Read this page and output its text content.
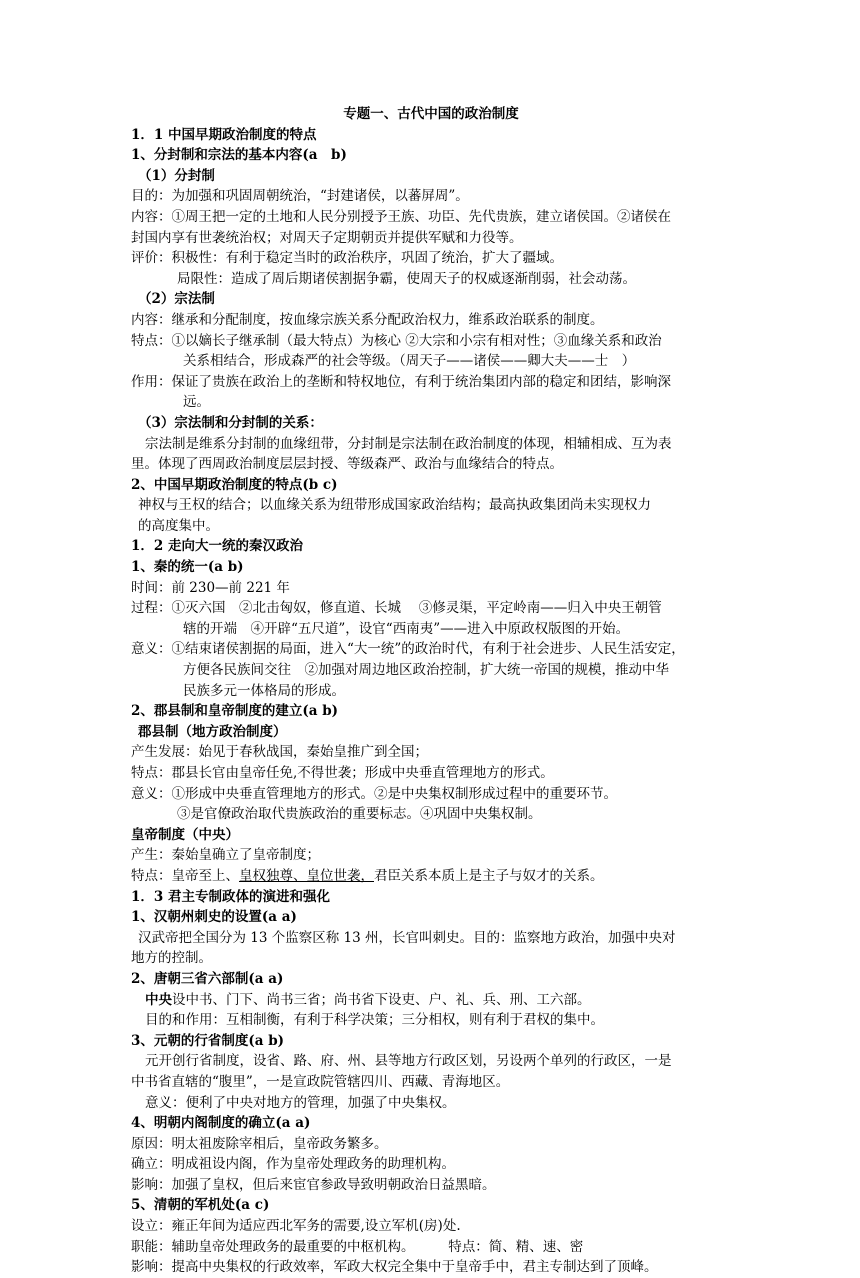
专题一、古代中国的政治制度
1．1 中国早期政治制度的特点
1、分封制和宗法的基本内容(a　b)
（1）分封制
目的：为加强和巩固周朝统治，“封建诸侯，以蕃屏周”。
内容：①周王把一定的土地和人民分别授予王族、功臣、先代贵族，建立诸侯国。②诸侯在
封国内享有世袭统治权；对周天子定期朝贡并提供军赋和力役等。
评价：积极性：有利于稳定当时的政治秩序，巩固了统治，扩大了疆域。
局限性：造成了周后期诸侯割据争霸，使周天子的权威逐渐削弱，社会动荡。
（2）宗法制
内容：继承和分配制度，按血缘宗族关系分配政治权力，维系政治联系的制度。
特点：①以嫡长子继承制（最大特点）为核心 ②大宗和小宗有相对性；③血缘关系和政治
关系相结合，形成森严的社会等级。（周天子——诸侯——卿大夫——士　）
作用：保证了贵族在政治上的垄断和特权地位，有利于统治集团内部的稳定和团结，影响深
远。
（3）宗法制和分封制的关系：
宗法制是维系分封制的血缘纽带，分封制是宗法制在政治制度的体现，相辅相成、互为表
里。体现了西周政治制度层层封授、等级森严、政治与血缘结合的特点。
2、中国早期政治制度的特点(b c)
神权与王权的结合；以血缘关系为纽带形成国家政治结构；最高执政集团尚未实现权力
的高度集中。
1．2 走向大一统的秦汉政治
1、秦的统一(a b)
时间：前 230—前 221 年
过程：①灭六国　②北击匈奴，修直道、长城　 ③修灵渠，平定岭南——归入中央王朝管
辖的开端　④开辟“五尺道”，设官“西南夷”——进入中原政权版图的开始。
意义：①结束诸侯割据的局面，进入“大一统”的政治时代，有利于社会进步、人民生活安定，
方便各民族间交往　②加强对周边地区政治控制，扩大统一帝国的规模，推动中华
民族多元一体格局的形成。
2、郡县制和皇帝制度的建立(a b)
郡县制（地方政治制度）
产生发展：始见于春秋战国，秦始皇推广到全国；
特点：郡县长官由皇帝任免,不得世袭；形成中央垂直管理地方的形式。
意义：①形成中央垂直管理地方的形式。②是中央集权制形成过程中的重要环节。
③是官僚政治取代贵族政治的重要标志。④巩固中央集权制。
皇帝制度（中央）
产生：秦始皇确立了皇帝制度；
特点：皇帝至上、皇权独尊、皇位世袭，君臣关系本质上是主子与奴才的关系。
1．3 君主专制政体的演进和强化
1、汉朝州刺史的设置(a a)
汉武帝把全国分为 13 个监察区称 13 州，长官叫刺史。目的：监察地方政治，加强中央对
地方的控制。
2、唐朝三省六部制(a a)
中央设中书、门下、尚书三省；尚书省下设吏、户、礼、兵、刑、工六部。
目的和作用：互相制衡，有利于科学决策；三分相权，则有利于君权的集中。
3、元朝的行省制度(a b)
元开创行省制度，设省、路、府、州、县等地方行政区划，另设两个单列的行政区，一是
中书省直辖的“腹里”，一是宣政院管辖四川、西藏、青海地区。
意义：便利了中央对地方的管理，加强了中央集权。
4、明朝内阁制度的确立(a a)
原因：明太祖废除宰相后，皇帝政务繁多。
确立：明成祖设内阁，作为皇帝处理政务的助理机构。
影响：加强了皇权，但后来宦官参政导致明朝政治日益黑暗。
5、清朝的军机处(a c)
设立：雍正年间为适应西北军务的需要,设立军机(房)处.
职能：辅助皇帝处理政务的最重要的中枢机构。　　　特点：简、精、速、密
影响：提高中央集权的行政效率，军政大权完全集中于皇帝手中，君主专制达到了顶峰。
